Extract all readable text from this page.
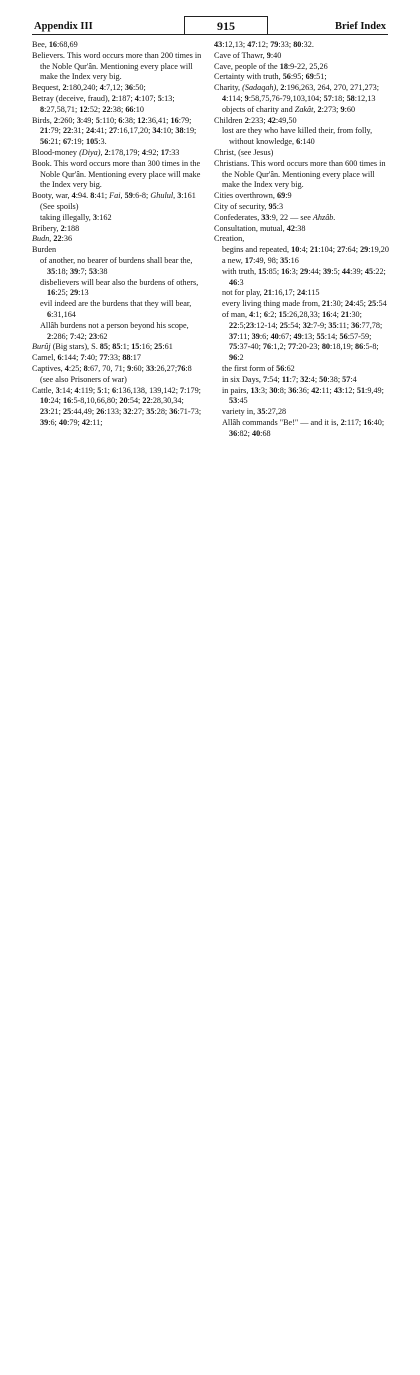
Appendix III	915	Brief Index
Bee, 16:68,69
Believers. This word occurs more than 200 times in the Noble Qur'ân. Mentioning every place will make the Index very big.
Bequest, 2:180,240; 4:7,12; 36:50;
Betray (deceive, fraud), 2:187; 4:107; 5:13; 8:27,58,71; 12:52; 22:38; 66:10
Birds, 2:260; 3:49; 5:110; 6:38; 12:36,41; 16:79; 21:79; 22:31; 24:41; 27:16,17,20; 34:10; 38:19; 56:21; 67:19; 105:3.
Blood-money (Diya), 2:178,179; 4:92; 17:33
Book. This word occurs more than 300 times in the Noble Qur'ân. Mentioning every place will make the Index very big.
Booty, war, 4:94. 8:41; Fai, 59:6-8; Ghulul, 3:161 (See spoils)
taking illegally, 3:162
Bribery, 2:188
Budn, 22:36
Burden
of another, no bearer of burdens shall bear the, 35:18; 39:7; 53:38
disbelievers will bear also the burdens of others, 16:25; 29:13
evil indeed are the burdens that they will bear, 6:31,164
Allâh burdens not a person beyond his scope, 2:286; 7:42; 23:62
Burûj (Big stars), S. 85; 85:1; 15:16; 25:61
Camel, 6:144; 7:40; 77:33; 88:17
Captives, 4:25; 8:67, 70, 71; 9:60; 33:26,27;76:8 (see also Prisoners of war)
Cattle, 3:14; 4:119; 5:1; 6:136,138, 139,142; 7:179; 10:24; 16:5-8,10,66,80; 20:54; 22:28,30,34; 23:21; 25:44,49; 26:133; 32:27; 35:28; 36:71-73; 39:6; 40:79; 42:11;
43:12,13; 47:12; 79:33; 80:32.
Cave of Thawr, 9:40
Cave, people of the 18:9-22, 25,26
Certainty with truth, 56:95; 69:51;
Charity, (Sadaqah), 2:196,263, 264, 270, 271,273; 4:114; 9:58,75,76-79,103,104; 57:18; 58:12,13
objects of charity and Zakât, 2:273; 9:60
Children 2:233; 42:49,50
lost are they who have killed their, from folly, without knowledge, 6:140
Christ, (see Jesus)
Christians. This word occurs more than 600 times in the Noble Qur'ân. Mentioning every place will make the Index very big.
Cities overthrown, 69:9
City of security, 95:3
Confederates, 33:9, 22 — see Ahzâb.
Consultation, mutual, 42:38
Creation,
begins and repeated, 10:4; 21:104; 27:64; 29:19,20
a new, 17:49, 98; 35:16
with truth, 15:85; 16:3; 29:44; 39:5; 44:39; 45:22; 46:3
not for play, 21:16,17; 24:115
every living thing made from, 21:30; 24:45; 25:54
of man, 4:1; 6:2; 15:26,28,33; 16:4; 21:30; 22:5;23:12-14; 25:54; 32:7-9; 35:11; 36:77,78; 37:11; 39:6; 40:67; 49:13; 55:14; 56:57-59; 75:37-40; 76:1,2; 77:20-23; 80:18,19; 86:5-8; 96:2
the first form of 56:62
in six Days, 7:54; 11:7; 32:4; 50:38; 57:4
in pairs, 13:3; 30:8; 36:36; 42:11; 43:12; 51:9,49; 53:45
variety in, 35:27,28
Allâh commands "Be!" — and it is, 2:117; 16:40; 36:82; 40:68
